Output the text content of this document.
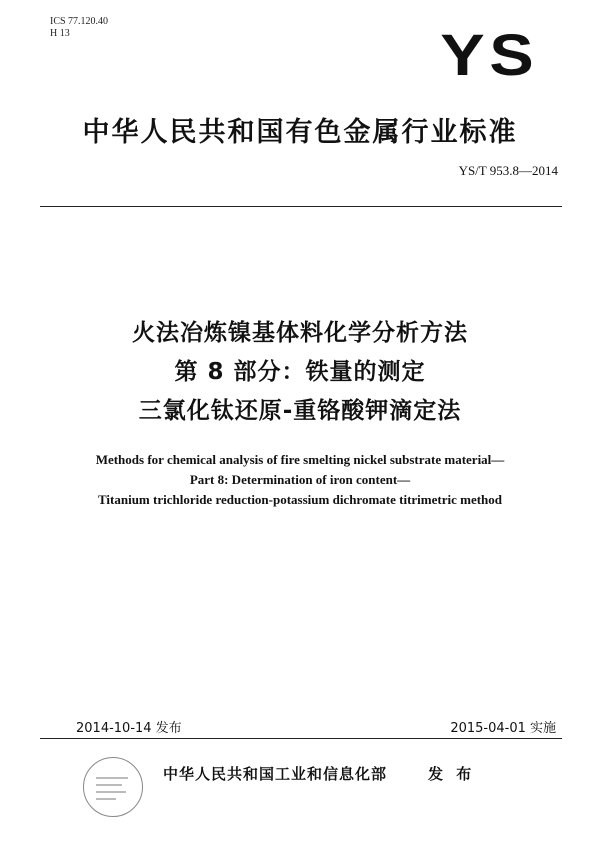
ICS 77.120.40
H 13	YS
中华人民共和国有色金属行业标准
YS/T 953.8—2014
火法冶炼镍基体料化学分析方法
第 8 部分：铁量的测定
三氯化钛还原-重铬酸钾滴定法
Methods for chemical analysis of fire smelting nickel substrate material—
Part 8: Determination of iron content—
Titanium trichloride reduction-potassium dichromate titrimetric method
2014-10-14 发布	2015-04-01 实施
中华人民共和国工业和信息化部	发 布
